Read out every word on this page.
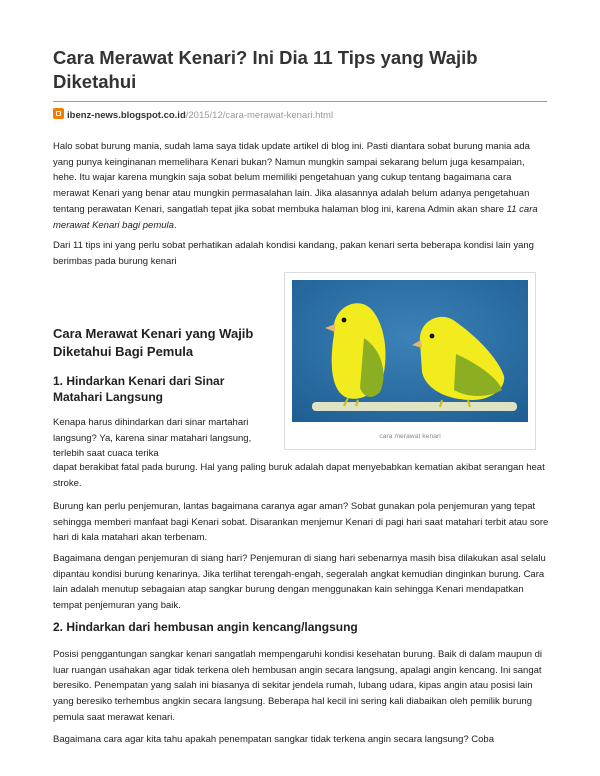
Cara Merawat Kenari? Ini Dia 11 Tips yang Wajib Diketahui
ibenz-news.blogspot.co.id/2015/12/cara-merawat-kenari.html

Halo sobat burung mania, sudah lama saya tidak update artikel di blog ini. Pasti diantara sobat burung mania ada yang punya keinginanan memelihara Kenari bukan? Namun mungkin sampai sekarang belum juga kesampaian, hehe. Itu wajar karena mungkin saja sobat belum memiliki pengetahuan yang cukup tentang bagaimana cara merawat Kenari yang benar atau mungkin permasalahan lain. Jika alasannya adalah belum adanya pengetahuan tentang perawatan Kenari, sangatlah tepat jika sobat membuka halaman blog ini, karena Admin akan share 11 cara merawat Kenari bagi pemula.

Dari 11 tips ini yang perlu sobat perhatikan adalah kondisi kandang, pakan kenari serta beberapa kondisi lain yang berimbas pada burung kenari

cara merawat kenari
Cara Merawat Kenari yang Wajib Diketahui Bagi Pemula
1. Hindarkan Kenari dari Sinar Matahari Langsung

Kenapa harus dihindarkan dari sinar martahari langsung? Ya, karena sinar matahari langsung, terlebih saat cuaca terika

dapat berakibat fatal pada burung. Hal yang paling buruk adalah dapat menyebabkan kematian akibat serangan heat stroke.

Burung kan perlu penjemuran, lantas bagaimana caranya agar aman? Sobat gunakan pola penjemuran yang tepat sehingga memberi manfaat bagi Kenari sobat. Disarankan menjemur Kenari di pagi hari saat matahari terbit atau sore hari di kala matahari akan terbenam.

Bagaimana dengan penjemuran di siang hari? Penjemuran di siang hari sebenarnya masih bisa dilakukan asal selalu dipantau kondisi burung kenarinya. Jika terlihat terengah-engah, segeralah angkat kemudian dinginkan burung. Cara lain adalah menutup sebagaian atap sangkar burung dengan menggunakan kain sehingga Kenari mendapatkan tempat penjemuran yang baik.

2. Hindarkan dari hembusan angin kencang/langsung

Posisi penggantungan sangkar kenari sangatlah mempengaruhi kondisi kesehatan burung. Baik di dalam maupun di luar ruangan usahakan agar tidak terkena oleh hembusan angin secara langsung, apalagi angin kencang. Ini sangat beresiko. Penempatan yang salah ini biasanya di sekitar jendela rumah, lubang udara, kipas angin atau posisi lain yang beresiko terhembus angkin secara langsung. Beberapa hal kecil ini sering kali diabaikan oleh pemilik burung pemula saat merawat kenari.

Bagaimana cara agar kita tahu apakah penempatan sangkar tidak terkena angin secara langsung? Coba
